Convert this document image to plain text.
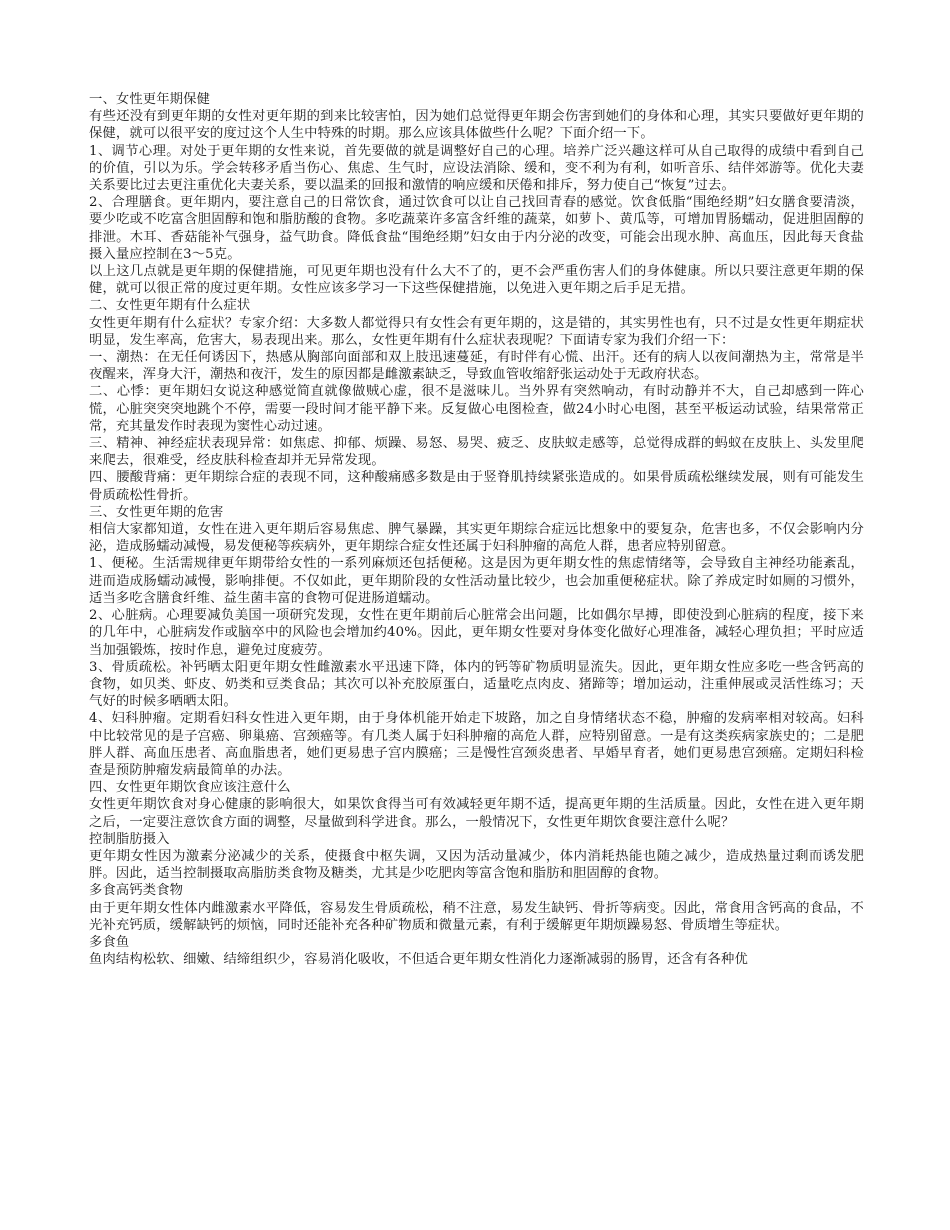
一、女性更年期保健

有些还没有到更年期的女性对更年期的到来比较害怕，因为她们总觉得更年期会伤害到她们的身体和心理，其实只要做好更年期的保健，就可以很平安的度过这个人生中特殊的时期。那么应该具体做些什么呢？下面介绍一下。

1、调节心理。对处于更年期的女性来说，首先要做的就是调整好自己的心理。培养广泛兴趣这样可从自己取得的成绩中看到自己的价值，引以为乐。学会转移矛盾当伤心、焦虑、生气时，应设法消除、缓和，变不利为有利，如听音乐、结伴郊游等。优化夫妻关系要比过去更注重优化夫妻关系，要以温柔的回报和激情的响应缓和厌倦和排斥，努力使自己“恢复”过去。

2、合理膳食。更年期内，要注意自己的日常饮食，通过饮食可以让自己找回青春的感觉。饮食低脂“围绝经期”妇女膳食要清淡，要少吃或不吃富含胆固醇和饱和脂肪酸的食物。多吃蔬菜许多富含纤维的蔬菜，如萝卜、黄瓜等，可增加胃肠蠕动，促进胆固醇的排泄。木耳、香菇能补气强身，益气助食。降低食盐“围绝经期”妇女由于内分泌的改变，可能会出现水肿、高血压，因此每天食盐摄入量应控制在3～5克。

以上这几点就是更年期的保健措施，可见更年期也没有什么大不了的，更不会严重伤害人们的身体健康。所以只要注意更年期的保健，就可以很正常的度过更年期。女性应该多学习一下这些保健措施，以免进入更年期之后手足无措。

二、女性更年期有什么症状

女性更年期有什么症状？专家介绍：大多数人都觉得只有女性会有更年期的，这是错的，其实男性也有，只不过是女性更年期症状明显，发生率高，危害大，易表现出来。那么，女性更年期有什么症状表现呢？下面请专家为我们介绍一下：

一、潮热：在无任何诱因下，热感从胸部向面部和双上肢迅速蔓延，有时伴有心慌、出汗。还有的病人以夜间潮热为主，常常是半夜醒来，浑身大汗，潮热和夜汗，发生的原因都是雌激素缺乏，导致血管收缩舒张运动处于无政府状态。

二、心悸：更年期妇女说这种感觉简直就像做贼心虚，很不是滋味儿。当外界有突然响动，有时动静并不大，自己却感到一阵心慌，心脏突突突地跳个不停，需要一段时间才能平静下来。反复做心电图检查，做24小时心电图，甚至平板运动试验，结果常常正常，充其量发作时表现为窦性心动过速。

三、精神、神经症状表现异常：如焦虑、抑郁、烦躁、易怒、易哭、疲乏、皮肤蚁走感等，总觉得成群的蚂蚁在皮肤上、头发里爬来爬去，很难受，经皮肤科检查却并无异常发现。

四、腰酸背痛：更年期综合症的表现不同，这种酸痛感多数是由于竖脊肌持续紧张造成的。如果骨质疏松继续发展，则有可能发生骨质疏松性骨折。

三、女性更年期的危害

相信大家都知道，女性在进入更年期后容易焦虑、脾气暴躁，其实更年期综合症远比想象中的要复杂，危害也多，不仅会影响内分泌，造成肠蠕动减慢，易发便秘等疾病外，更年期综合症女性还属于妇科肿瘤的高危人群，患者应特别留意。

1、便秘。生活需规律更年期带给女性的一系列麻烦还包括便秘。这是因为更年期女性的焦虑情绪等，会导致自主神经功能紊乱，进而造成肠蠕动减慢，影响排便。不仅如此，更年期阶段的女性活动量比较少，也会加重便秘症状。除了养成定时如厕的习惯外，适当多吃含膳食纤维、益生菌丰富的食物可促进肠道蠕动。

2、心脏病。心理要减负美国一项研究发现，女性在更年期前后心脏常会出问题，比如偶尔早搏，即使没到心脏病的程度，接下来的几年中，心脏病发作或脑卒中的风险也会增加约40%。因此，更年期女性要对身体变化做好心理准备，减轻心理负担；平时应适当加强锻炼，按时作息，避免过度疲劳。

3、骨质疏松。补钙晒太阳更年期女性雌激素水平迅速下降，体内的钙等矿物质明显流失。因此，更年期女性应多吃一些含钙高的食物，如贝类、虾皮、奶类和豆类食品；其次可以补充胶原蛋白，适量吃点肉皮、猪蹄等；增加运动，注重伸展或灵活性练习；天气好的时候多晒晒太阳。

4、妇科肿瘤。定期看妇科女性进入更年期，由于身体机能开始走下坡路，加之自身情绪状态不稳，肿瘤的发病率相对较高。妇科中比较常见的是子宫癌、卵巢癌、宫颈癌等。有几类人属于妇科肿瘤的高危人群，应特别留意。一是有这类疾病家族史的；二是肥胖人群、高血压患者、高血脂患者，她们更易患子宫内膜癌；三是慢性宫颈炎患者、早婚早育者，她们更易患宫颈癌。定期妇科检查是预防肿瘤发病最简单的办法。

四、女性更年期饮食应该注意什么

女性更年期饮食对身心健康的影响很大，如果饮食得当可有效减轻更年期不适，提高更年期的生活质量。因此，女性在进入更年期之后，一定要注意饮食方面的调整，尽量做到科学进食。那么，一般情况下，女性更年期饮食要注意什么呢？

控制脂肪摄入

更年期女性因为激素分泌减少的关系，使摄食中枢失调，又因为活动量减少，体内消耗热能也随之减少，造成热量过剩而诱发肥胖。因此，适当控制摄取高脂肪类食物及糖类，尤其是少吃肥肉等富含饱和脂肪和胆固醇的食物。

多食高钙类食物

由于更年期女性体内雌激素水平降低，容易发生骨质疏松，稍不注意，易发生缺钙、骨折等病变。因此，常食用含钙高的食品，不光补充钙质，缓解缺钙的烦恼，同时还能补充各种矿物质和微量元素，有利于缓解更年期烦躁易怒、骨质增生等症状。

多食鱼

鱼肉结构松软、细嫩、结缔组织少，容易消化吸收，不但适合更年期女性消化力逐渐减弱的肠胃，还含有各种优
